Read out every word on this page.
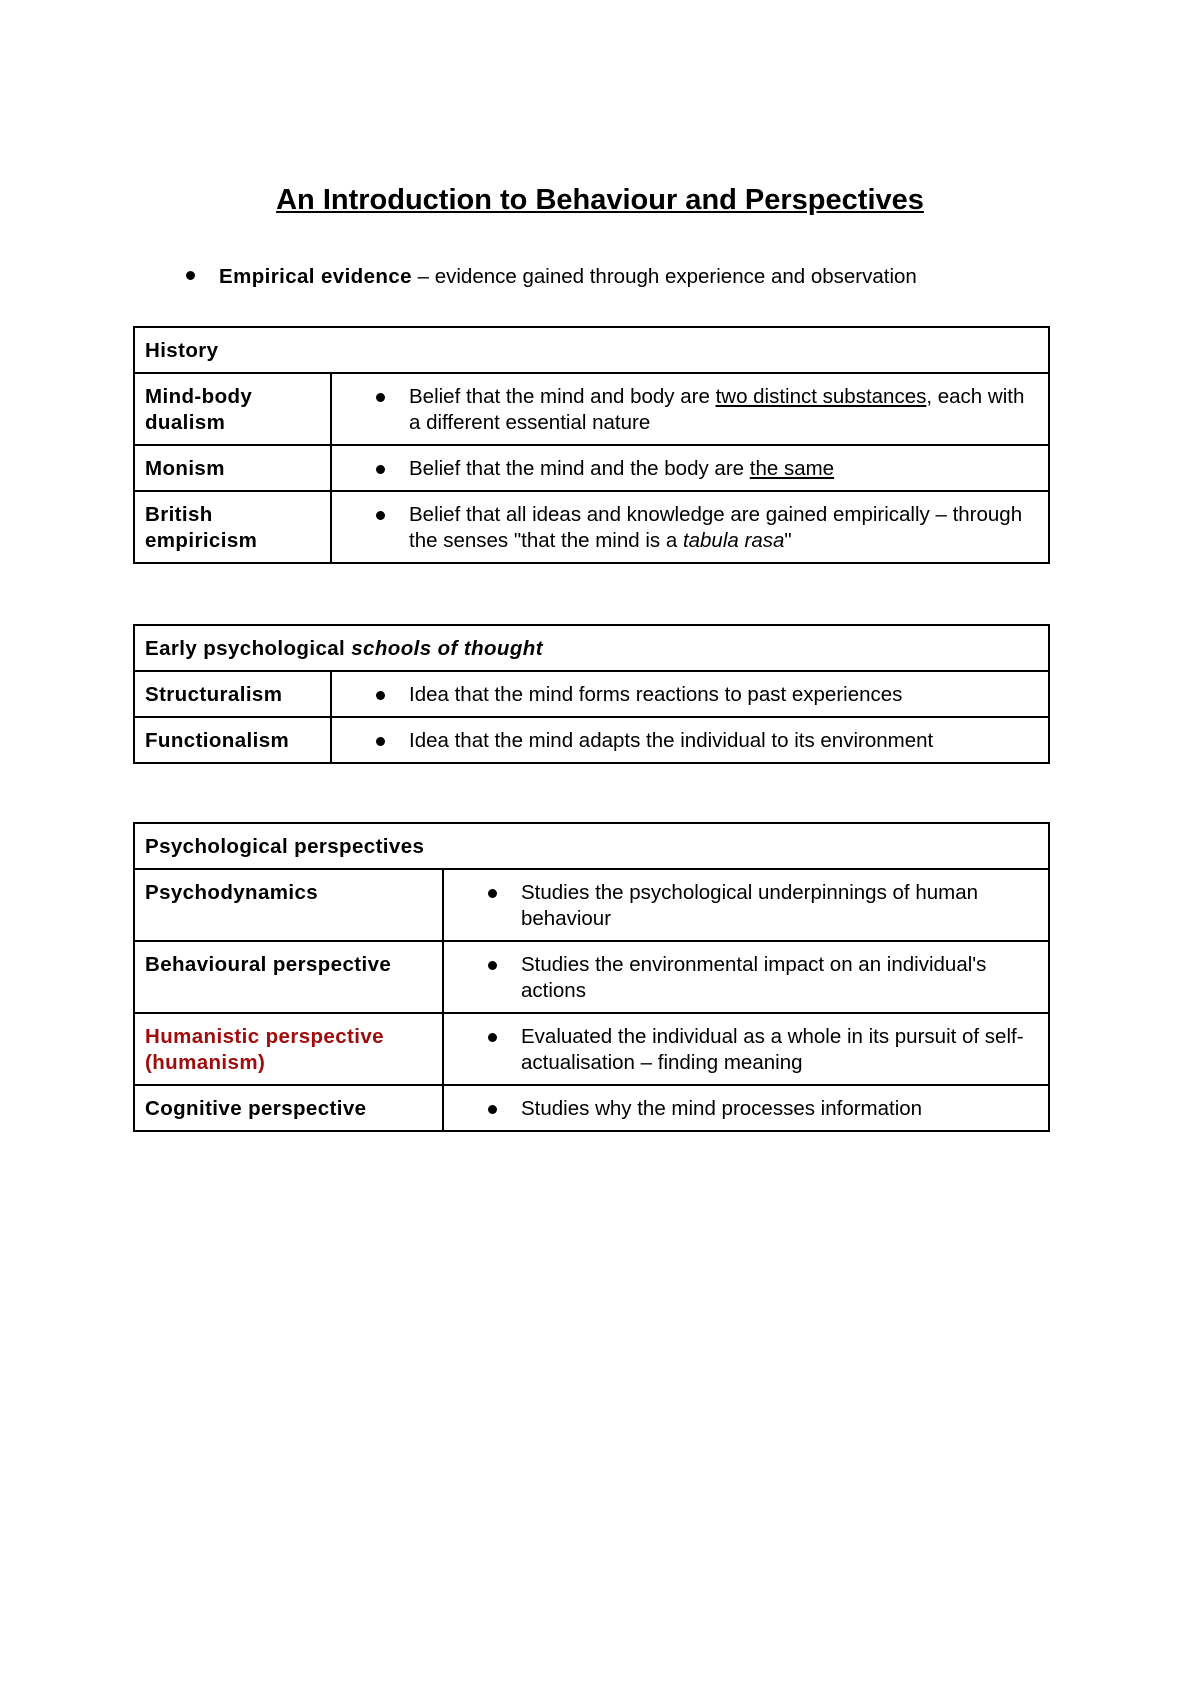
An Introduction to Behaviour and Perspectives
Empirical evidence – evidence gained through experience and observation
History	
Mind-body dualism	Belief that the mind and body are two distinct substances, each with a different essential nature

Monism	Belief that the mind and the body are the same

British empiricism	Belief that all ideas and knowledge are gained empirically – through the senses "that the mind is a tabula rasa"
Early psychological schools of thought	
Structuralism	Idea that the mind forms reactions to past experiences

Functionalism	Idea that the mind adapts the individual to its environment
Psychological perspectives	
Psychodynamics	Studies the psychological underpinnings of human behaviour

Behavioural perspective	Studies the environmental impact on an individual's actions

Humanistic perspective (humanism)	Evaluated the individual as a whole in its pursuit of self-actualisation – finding meaning

Cognitive perspective	Studies why the mind processes information
